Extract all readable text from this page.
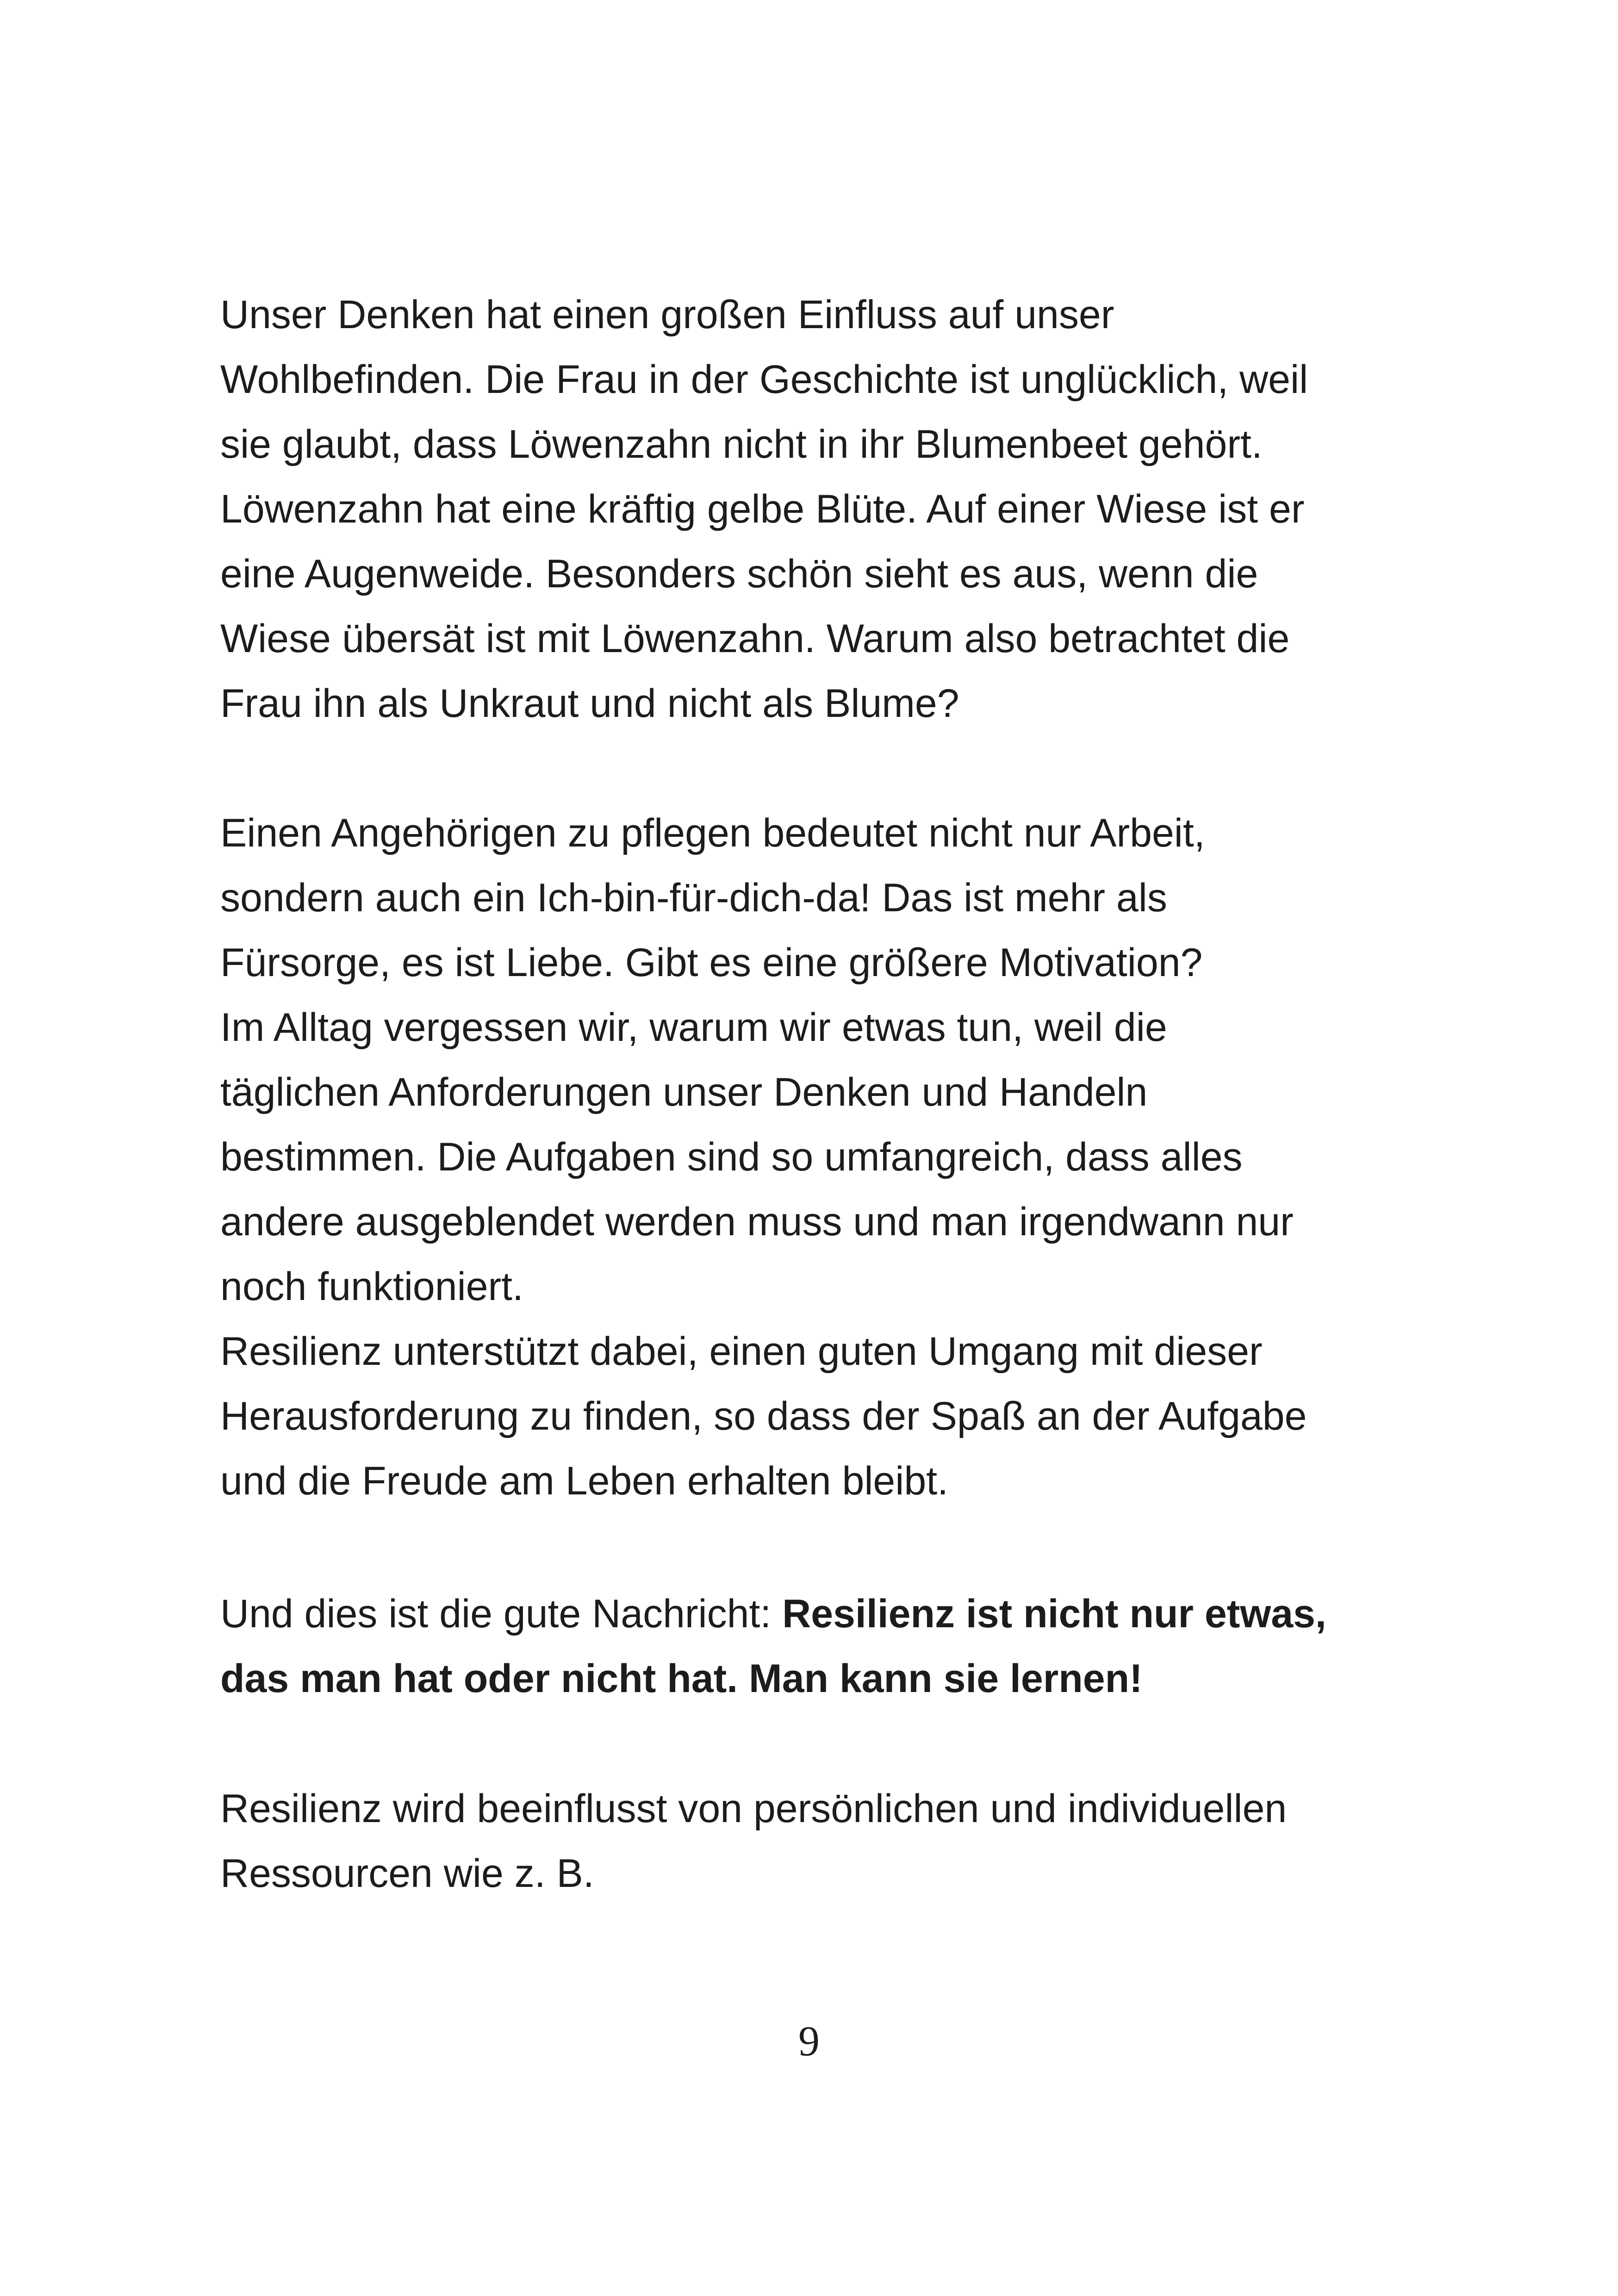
Unser Denken hat einen großen Einfluss auf unser
Wohlbefinden. Die Frau in der Geschichte ist unglücklich, weil
sie glaubt, dass Löwenzahn nicht in ihr Blumenbeet gehört.
Löwenzahn hat eine kräftig gelbe Blüte. Auf einer Wiese ist er
eine Augenweide. Besonders schön sieht es aus, wenn die
Wiese übersät ist mit Löwenzahn. Warum also betrachtet die
Frau ihn als Unkraut und nicht als Blume?
Einen Angehörigen zu pflegen bedeutet nicht nur Arbeit,
sondern auch ein Ich-bin-für-dich-da! Das ist mehr als
Fürsorge, es ist Liebe. Gibt es eine größere Motivation?
Im Alltag vergessen wir, warum wir etwas tun, weil die
täglichen Anforderungen unser Denken und Handeln
bestimmen. Die Aufgaben sind so umfangreich, dass alles
andere ausgeblendet werden muss und man irgendwann nur
noch funktioniert.
Resilienz unterstützt dabei, einen guten Umgang mit dieser
Herausforderung zu finden, so dass der Spaß an der Aufgabe
und die Freude am Leben erhalten bleibt.
Und dies ist die gute Nachricht: Resilienz ist nicht nur etwas,
das man hat oder nicht hat. Man kann sie lernen!
Resilienz wird beeinflusst von persönlichen und individuellen
Ressourcen wie z. B.
9
